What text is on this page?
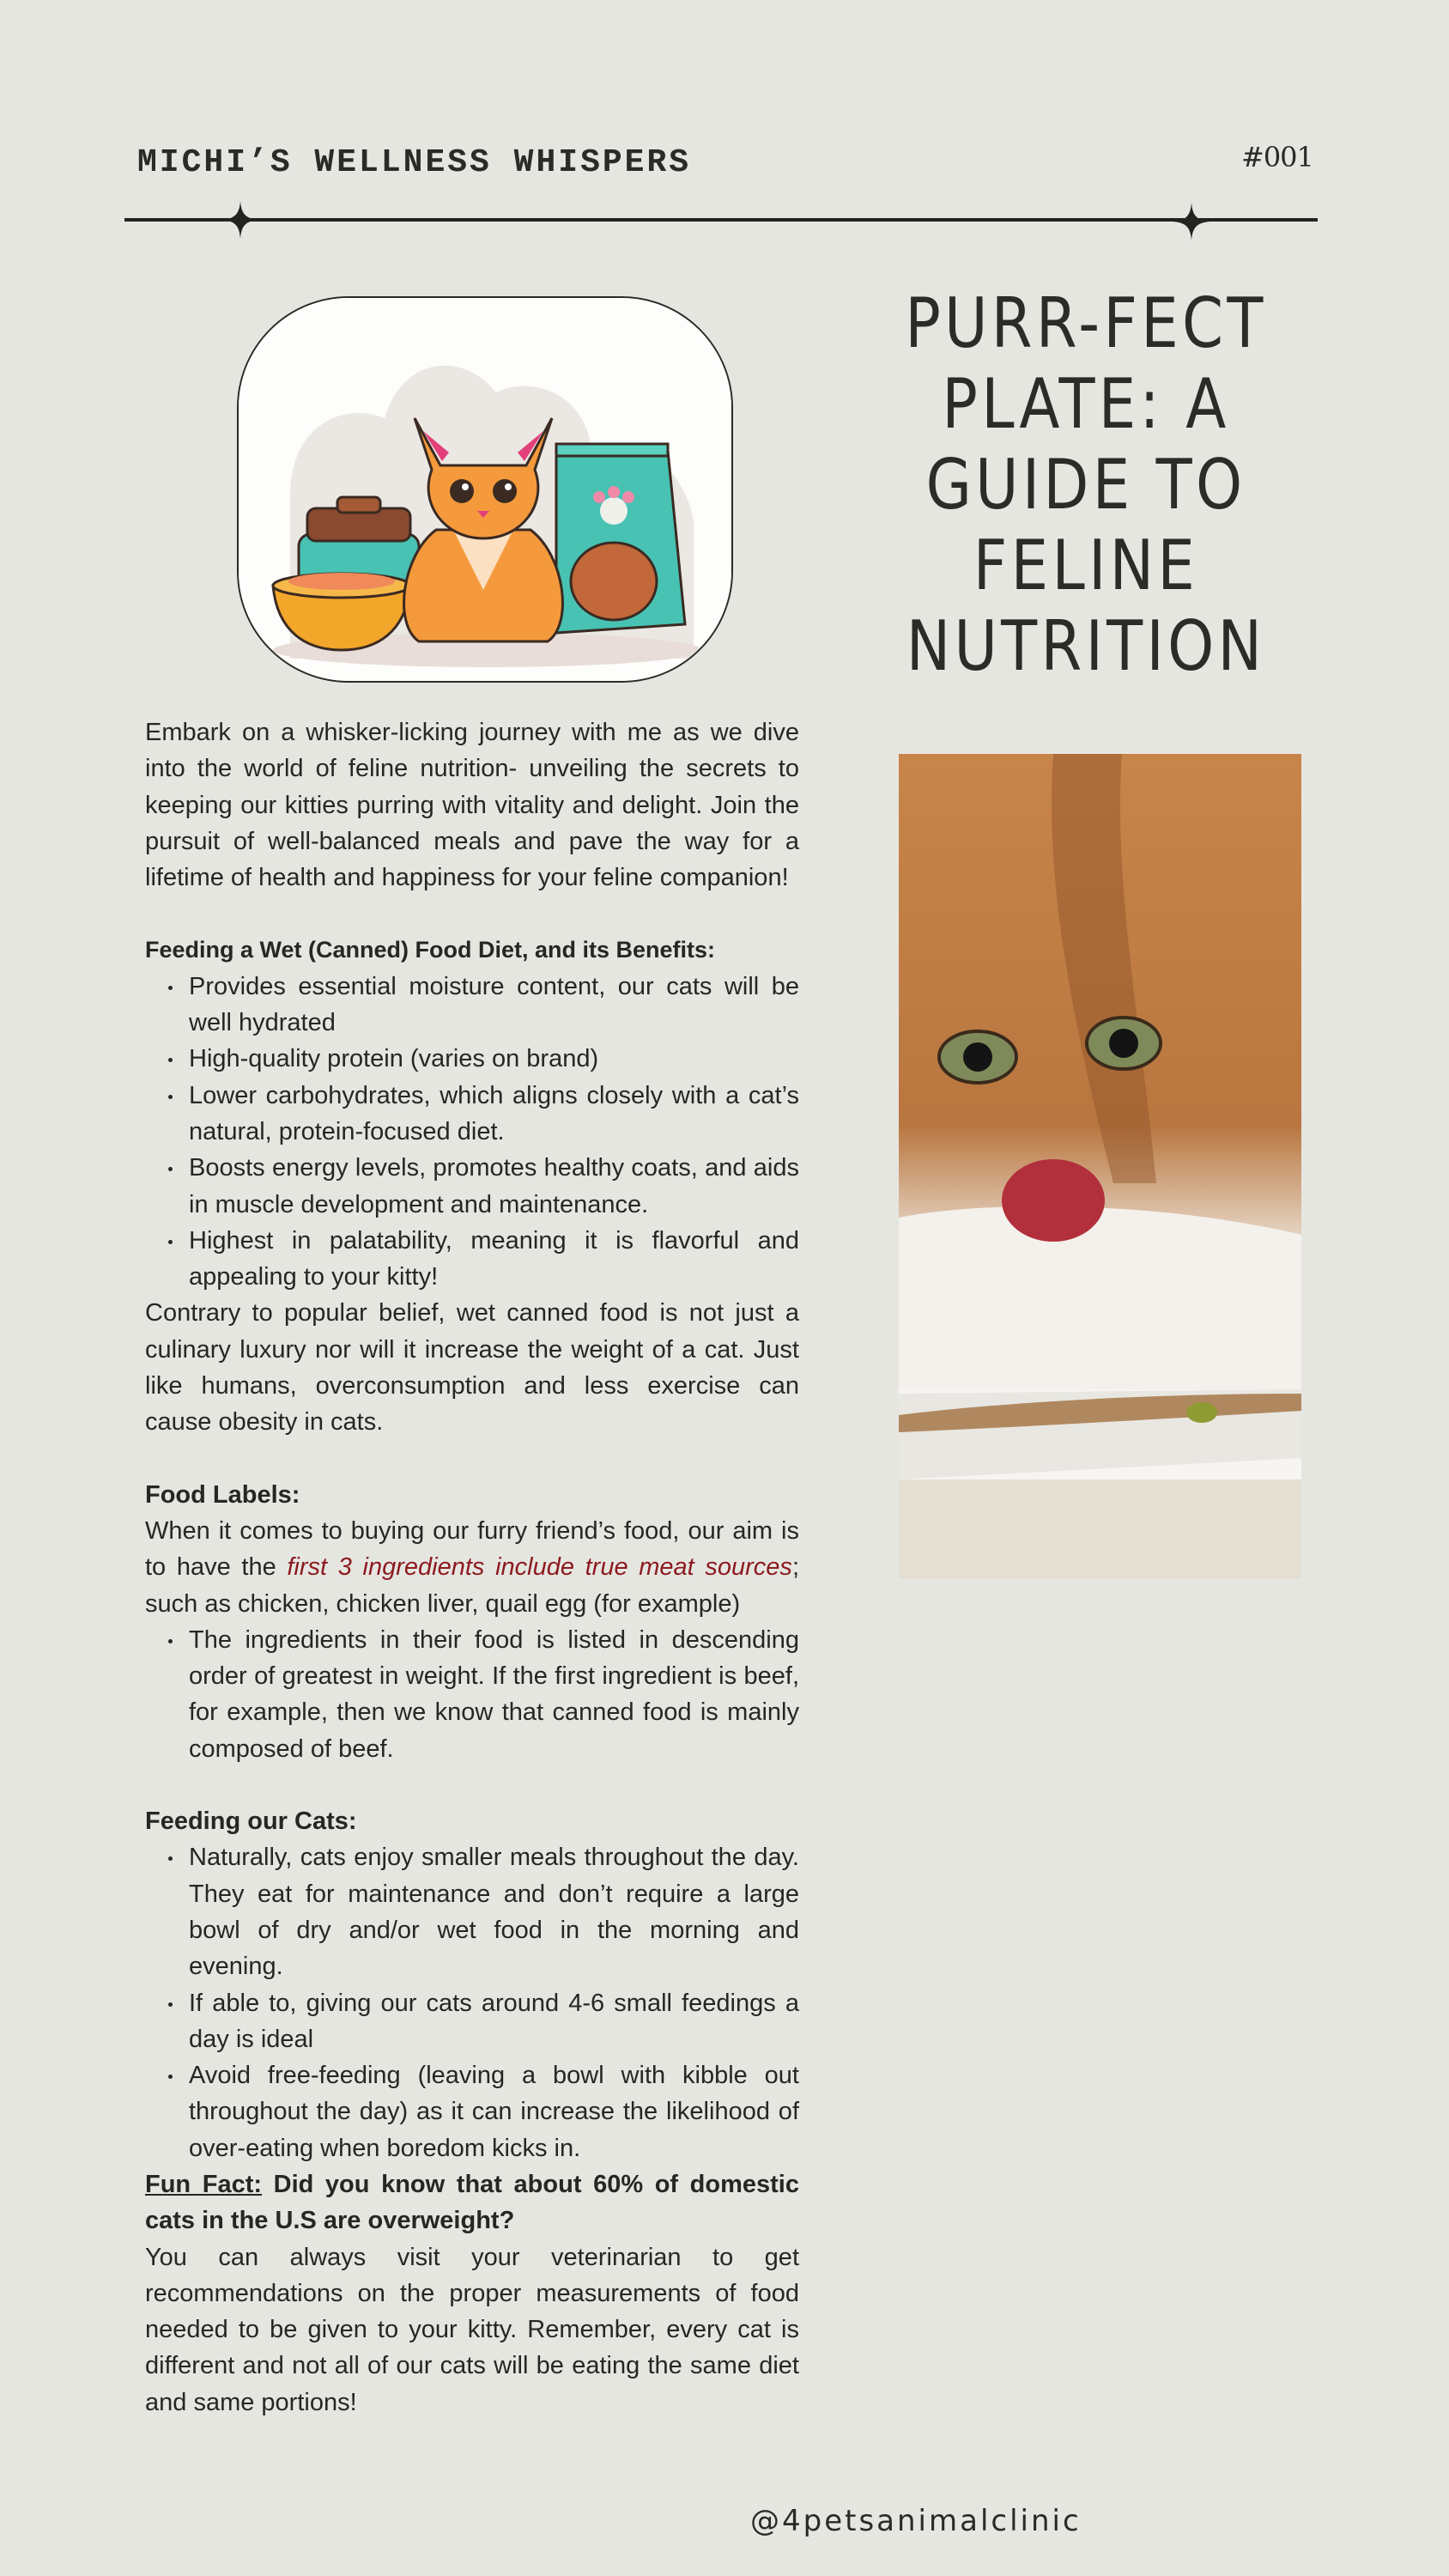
MICHI’S WELLNESS WHISPERS	#001
PURR-FECT
PLATE: A
GUIDE TO
FELINE
NUTRITION

Embark on a whisker-licking journey with me as we dive into the world of feline nutrition- unveiling the secrets to keeping our kitties purring with vitality and delight. Join the pursuit of well-balanced meals and pave the way for a lifetime of health and happiness for your feline companion!

Feeding a Wet (Canned) Food Diet, and its Benefits:
Provides essential moisture content, our cats will be well hydrated
High-quality protein (varies on brand)
Lower carbohydrates, which aligns closely with a cat’s natural, protein-focused diet.
Boosts energy levels, promotes healthy coats, and aids in muscle development and maintenance.
Highest in palatability, meaning it is flavorful and appealing to your kitty!

Contrary to popular belief, wet canned food is not just a culinary luxury nor will it increase the weight of a cat. Just like humans, overconsumption and less exercise can cause obesity in cats.

Food Labels:

When it comes to buying our furry friend’s food, our aim is to have the first 3 ingredients include true meat sources; such as chicken, chicken liver, quail egg (for example)

The ingredients in their food is listed in descending order of greatest in weight. If the first ingredient is beef, for example, then we know that canned food is mainly composed of beef.
Feeding our Cats:
Naturally, cats enjoy smaller meals throughout the day. They eat for maintenance and don’t require a large bowl of dry and/or wet food in the morning and evening.
If able to, giving our cats around 4-6 small feedings a day is ideal
Avoid free-feeding (leaving a bowl with kibble out throughout the day) as it can increase the likelihood of over-eating when boredom kicks in.

Fun Fact: Did you know that about 60% of domestic cats in the U.S are overweight?

You can always visit your veterinarian to get recommendations on the proper measurements of food needed to be given to your kitty. Remember, every cat is different and not all of our cats will be eating the same diet and same portions!

@4petsanimalclinic
